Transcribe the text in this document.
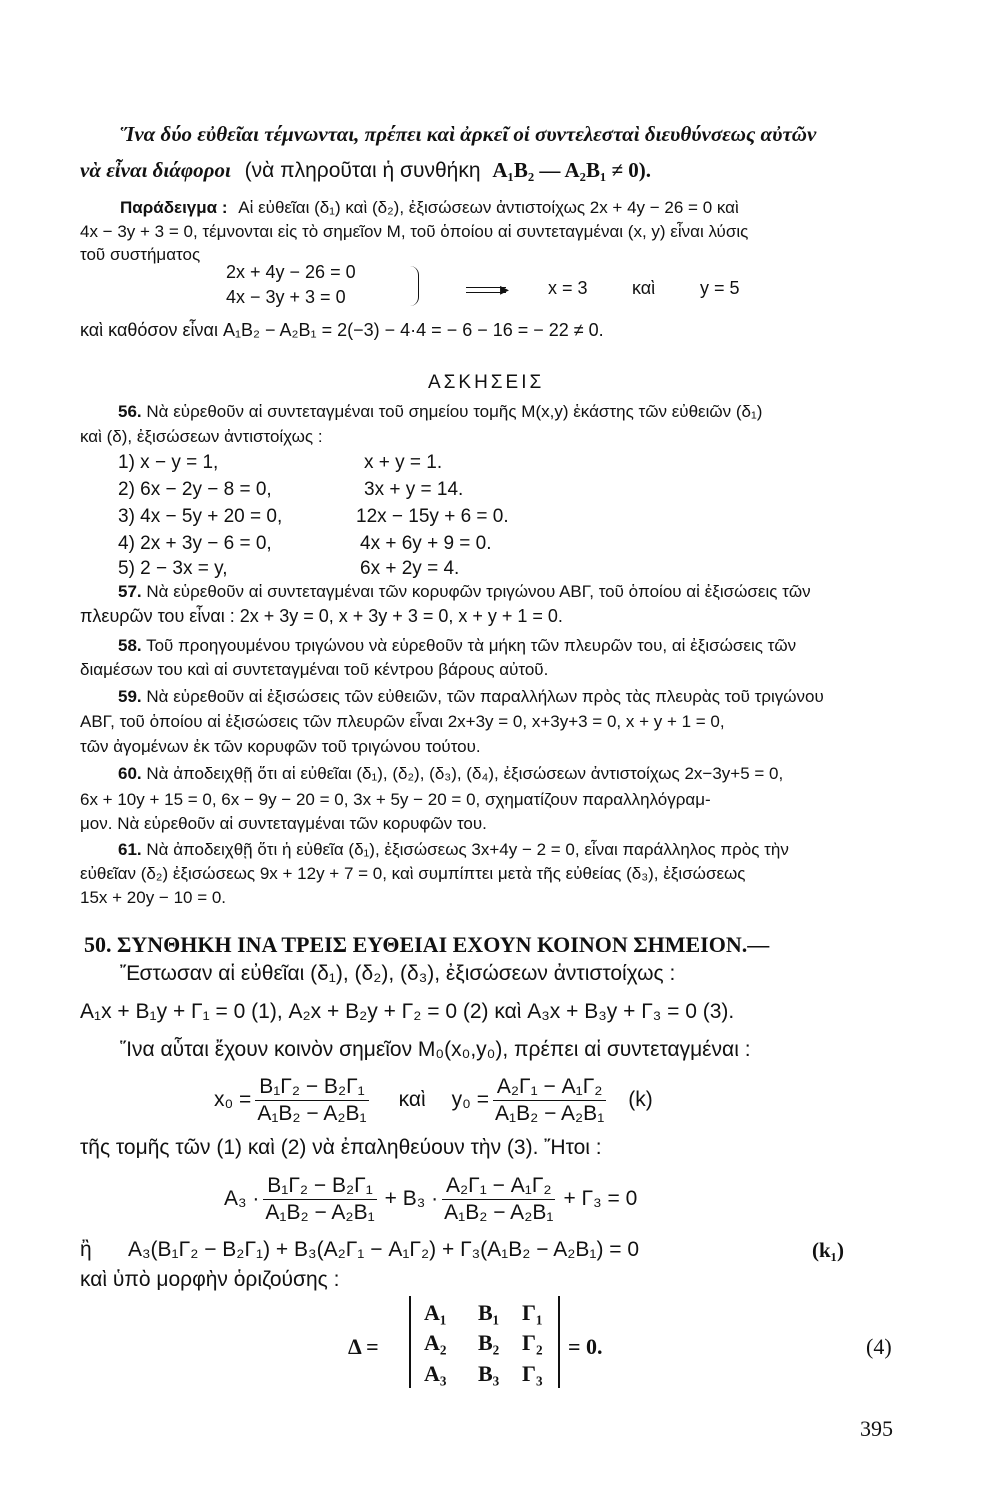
Ἵνα δύο εὐθεῖαι τέμνωνται, πρέπει καὶ ἀρκεῖ οἱ συντελεσταὶ διευθύνσεως αὐτῶν
νὰ εἶναι διάφοροι (νὰ πληροῦται ἡ συνθήκη A₁B₂ — A₂B₁ ≠ 0).
Παράδειγμα : Αἱ εὐθεῖαι (δ₁) καὶ (δ₂), ἐξισώσεων ἀντιστοίχως 2x + 4y − 26 = 0 καὶ
4x − 3y + 3 = 0, τέμνονται εἰς τὸ σημεῖον Μ, τοῦ ὁποίου αἱ συντεταγμέναι (x, y) εἶναι λύσις
τοῦ συστήματος
2x + 4y − 26 = 0
4x − 3y + 3 = 0	▸ x = 3 καὶ y = 5
καὶ καθόσον εἶναι A₁B₂ − A₂B₁ = 2(−3) − 4·4 = − 6 − 16 = − 22 ≠ 0.
ΑΣΚΗΣΕΙΣ
56. Νὰ εὑρεθοῦν αἱ συντεταγμέναι τοῦ σημείου τομῆς M(x,y) ἑκάστης τῶν εὐθειῶν (δ₁)
καὶ (δ), ἐξισώσεων ἀντιστοίχως :
1) x − y = 1,	x + y = 1.
2) 6x − 2y − 8 = 0,	3x + y = 14.
3) 4x − 5y + 20 = 0,	12x − 15y + 6 = 0.
4) 2x + 3y − 6 = 0,	4x + 6y + 9 = 0.
5) 2 − 3x = y,	6x + 2y = 4.
57. Νὰ εὑρεθοῦν αἱ συντεταγμέναι τῶν κορυφῶν τριγώνου ΑΒΓ, τοῦ ὁποίου αἱ ἐξισώσεις τῶν
πλευρῶν του εἶναι : 2x + 3y = 0, x + 3y + 3 = 0, x + y + 1 = 0.
58. Τοῦ προηγουμένου τριγώνου νὰ εὑρεθοῦν τὰ μήκη τῶν πλευρῶν του, αἱ ἐξισώσεις τῶν
διαμέσων του καὶ αἱ συντεταγμέναι τοῦ κέντρου βάρους αὐτοῦ.
59. Νὰ εὑρεθοῦν αἱ ἐξισώσεις τῶν εὐθειῶν, τῶν παραλλήλων πρὸς τὰς πλευρὰς τοῦ τριγώνου
ΑΒΓ, τοῦ ὁποίου αἱ ἐξισώσεις τῶν πλευρῶν εἶναι 2x+3y = 0, x+3y+3 = 0, x + y + 1 = 0,
τῶν ἀγομένων ἐκ τῶν κορυφῶν τοῦ τριγώνου τούτου.
60. Νὰ ἀποδειχθῇ ὅτι αἱ εὐθεῖαι (δ₁), (δ₂), (δ₃), (δ₄), ἐξισώσεων ἀντιστοίχως 2x−3y+5 = 0,
6x + 10y + 15 = 0, 6x − 9y − 20 = 0, 3x + 5y − 20 = 0, σχηματίζουν παραλληλόγραμ-
μον. Νὰ εὑρεθοῦν αἱ συντεταγμέναι τῶν κορυφῶν του.
61. Νὰ ἀποδειχθῇ ὅτι ἡ εὐθεῖα (δ₁), ἐξισώσεως 3x+4y − 2 = 0, εἶναι παράλληλος πρὸς τὴν
εὐθεῖαν (δ₂) ἐξισώσεως 9x + 12y + 7 = 0, καὶ συμπίπτει μετὰ τῆς εὐθείας (δ₃), ἐξισώσεως
15x + 20y − 10 = 0.
50. ΣΥΝΘΗΚΗ ΙΝΑ ΤΡΕΙΣ ΕΥΘΕΙΑΙ ΕΧΟΥΝ ΚΟΙΝΟΝ ΣΗΜΕΙΟΝ.—
Ἔστωσαν αἱ εὐθεῖαι (δ₁), (δ₂), (δ₃), ἐξισώσεων ἀντιστοίχως :
A₁x + B₁y + Γ₁ = 0 (1), A₂x + B₂y + Γ₂ = 0 (2) καὶ A₃x + B₃y + Γ₃ = 0 (3).
Ἵνα αὗται ἔχουν κοινὸν σημεῖον M₀(x₀,y₀), πρέπει αἱ συντεταγμέναι :
$x_0 = \frac{\text{B₁Γ₂ − B₂Γ₁}}{\text{A₁B₂ − A₂B₁}}$ καὶ $y_0 = \frac{\text{A₂Γ₁ − A₁Γ₂}}{\text{A₁B₂ − A₂B₁}} (k)$
τῆς τομῆς τῶν (1) καὶ (2) νὰ ἐπαληθεύουν τὴν (3). Ἤτοι :
$A_3 \cdot \frac{\text{B₁Γ₂ − B₂Γ₁}}{\text{A₁B₂ − A₂B₁}} + B_3 \cdot \frac{\text{A₂Γ₁ − A₁Γ₂}}{\text{A₁B₂ − A₂B₁}} + \Gamma_3 = 0$
ἢ A₃(B₁Γ₂ − B₂Γ₁) + B₃(A₂Γ₁ − A₁Γ₂) + Γ₃(A₁B₂ − A₂B₁) = 0	(k₁)
καὶ ὑπὸ μορφὴν ὁριζούσης :
Δ =
A₁ B₁ Γ₁
A₂ B₂ Γ₂
A₃ B₃ Γ₃
= 0.	(4)
395
